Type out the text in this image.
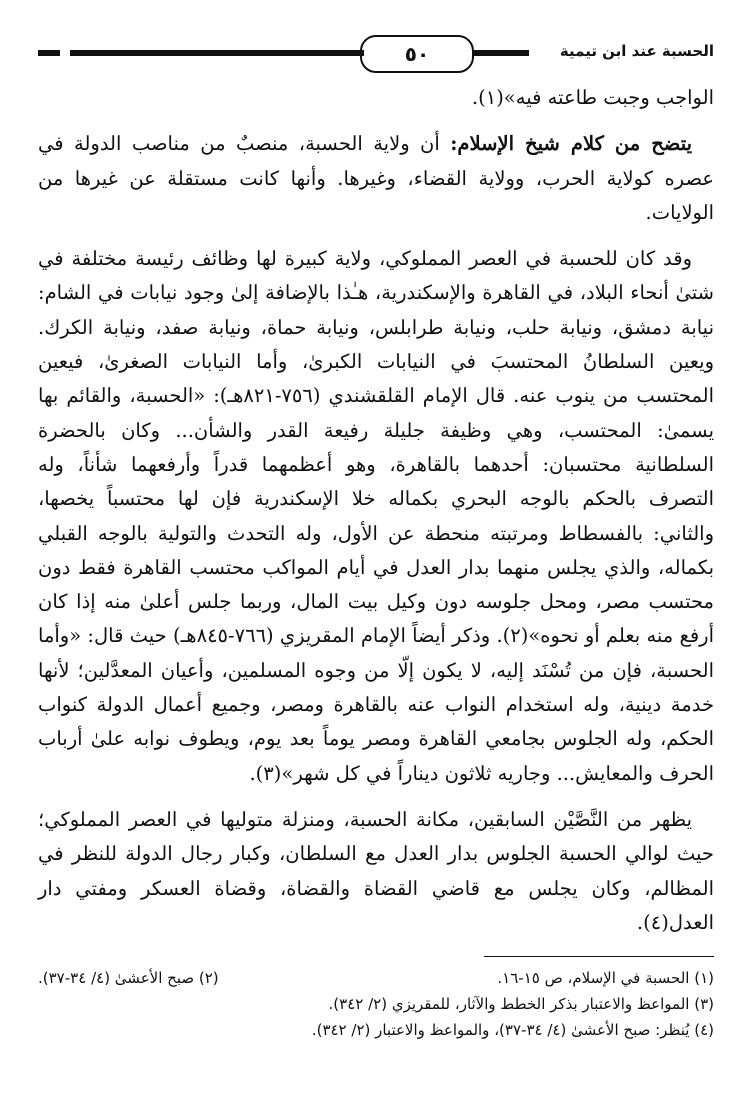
الحسبة عند ابن تيمية
٥٠

الواجب وجبت طاعته فيه»(١).

يتضح من كلام شيخ الإسلام: أن ولاية الحسبة، منصبٌ من مناصب الدولة في عصره كولاية الحرب، وولاية القضاء، وغيرها. وأنها كانت مستقلة عن غيرها من الولايات.

وقد كان للحسبة في العصر المملوكي، ولاية كبيرة لها وظائف رئيسة مختلفة في شتىٰ أنحاء البلاد، في القاهرة والإسكندرية، هـٰذا بالإضافة إلىٰ وجود نيابات في الشام: نيابة دمشق، ونيابة حلب، ونيابة طرابلس، ونيابة حماة، ونيابة صفد، ونيابة الكرك. ويعين السلطانُ المحتسبَ في النيابات الكبرىٰ، وأما النيابات الصغرىٰ، فيعين المحتسب من ينوب عنه. قال الإمام القلقشندي (٧٥٦-٨٢١هـ): «الحسبة، والقائم بها يسمىٰ: المحتسب، وهي وظيفة جليلة رفيعة القدر والشأن... وكان بالحضرة السلطانية محتسبان: أحدهما بالقاهرة، وهو أعظمهما قدراً وأرفعهما شأناً، وله التصرف بالحكم بالوجه البحري بكماله خلا الإسكندرية فإن لها محتسباً يخصها، والثاني: بالفسطاط ومرتبته منحطة عن الأول، وله التحدث والتولية بالوجه القبلي بكماله، والذي يجلس منهما بدار العدل في أيام المواكب محتسب القاهرة فقط دون محتسب مصر، ومحل جلوسه دون وكيل بيت المال، وربما جلس أعلىٰ منه إذا كان أرفع منه بعلم أو نحوه»(٢). وذكر أيضاً الإمام المقريزي (٧٦٦-٨٤٥هـ) حيث قال: «وأما الحسبة، فإن من تُسْنَد إليه، لا يكون إلّا من وجوه المسلمين، وأعيان المعدَّلين؛ لأنها خدمة دينية، وله استخدام النواب عنه بالقاهرة ومصر، وجميع أعمال الدولة كنواب الحكم، وله الجلوس بجامعي القاهرة ومصر يوماً بعد يوم، ويطوف نوابه علىٰ أرباب الحرف والمعايش... وجاريه ثلاثون ديناراً في كل شهر»(٣).

يظهر من النَّصَّيْن السابقين، مكانة الحسبة، ومنزلة متوليها في العصر المملوكي؛ حيث لوالي الحسبة الجلوس بدار العدل مع السلطان، وكبار رجال الدولة للنظر في المظالم، وكان يجلس مع قاضي القضاة والقضاة، وقضاة العسكر ومفتي دار العدل(٤).

(١) الحسبة في الإسلام، ص ١٥-١٦.
(٢) صبح الأعشىٰ (٤/ ٣٤-٣٧).
(٣) المواعظ والاعتبار بذكر الخطط والآثار، للمقريزي (٢/ ٣٤٢).
(٤) يُنظر: صبح الأعشىٰ (٤/ ٣٤-٣٧)، والمواعظ والاعتبار (٢/ ٣٤٢).
